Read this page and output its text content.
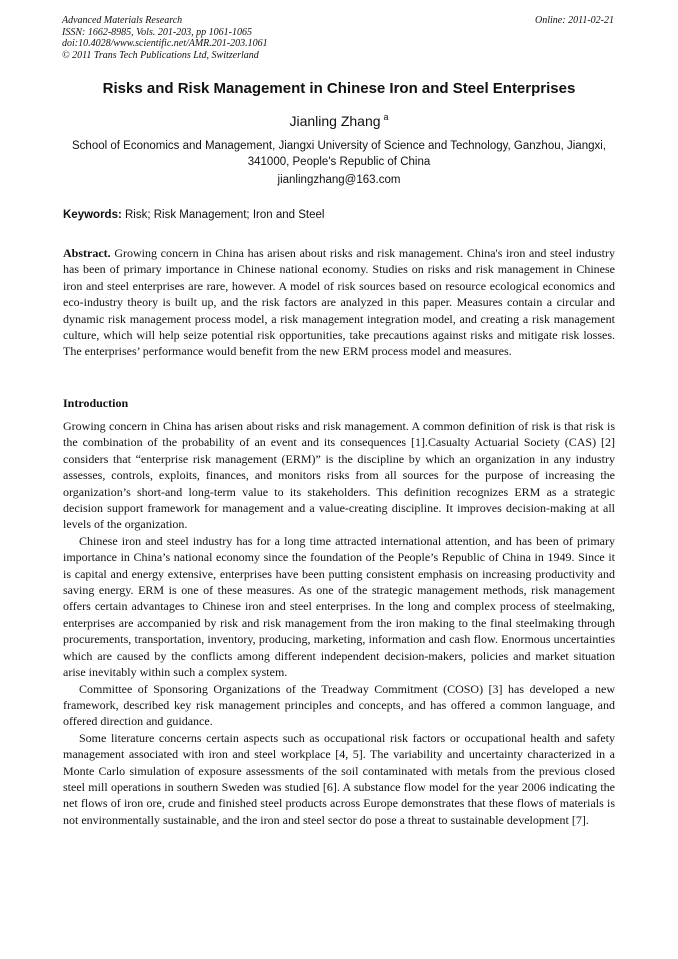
Advanced Materials Research
ISSN: 1662-8985, Vols. 201-203, pp 1061-1065
doi:10.4028/www.scientific.net/AMR.201-203.1061
© 2011 Trans Tech Publications Ltd, Switzerland
Online: 2011-02-21
Risks and Risk Management in Chinese Iron and Steel Enterprises
Jianling Zhang $^a$
School of Economics and Management, Jiangxi University of Science and Technology, Ganzhou, Jiangxi, 341000, People's Republic of China
jianlingzhang@163.com
Keywords: Risk; Risk Management; Iron and Steel
Abstract. Growing concern in China has arisen about risks and risk management. China's iron and steel industry has been of primary importance in Chinese national economy. Studies on risks and risk management in Chinese iron and steel enterprises are rare, however. A model of risk sources based on resource ecological economics and eco-industry theory is built up, and the risk factors are analyzed in this paper. Measures contain a circular and dynamic risk management process model, a risk management integration model, and creating a risk management culture, which will help seize potential risk opportunities, take precautions against risks and mitigate risk losses. The enterprises’ performance would benefit from the new ERM process model and measures.
Introduction

Growing concern in China has arisen about risks and risk management. A common definition of risk is that risk is the combination of the probability of an event and its consequences [1].Casualty Actuarial Society (CAS) [2] considers that “enterprise risk management (ERM)” is the discipline by which an organization in any industry assesses, controls, exploits, finances, and monitors risks from all sources for the purpose of increasing the organization’s short-and long-term value to its stakeholders. This definition recognizes ERM as a strategic decision support framework for management and a value-creating discipline. It improves decision-making at all levels of the organization.

Chinese iron and steel industry has for a long time attracted international attention, and has been of primary importance in China’s national economy since the foundation of the People’s Republic of China in 1949. Since it is capital and energy extensive, enterprises have been putting consistent emphasis on increasing productivity and saving energy. ERM is one of these measures. As one of the strategic management methods, risk management offers certain advantages to Chinese iron and steel enterprises. In the long and complex process of steelmaking, enterprises are accompanied by risk and risk management from the iron making to the final steelmaking through procurements, transportation, inventory, producing, marketing, information and cash flow. Enormous uncertainties which are caused by the conflicts among different independent decision-makers, policies and market situation arise inevitably within such a complex system.

Committee of Sponsoring Organizations of the Treadway Commitment (COSO) [3] has developed a new framework, described key risk management principles and concepts, and has offered a common language, and offered direction and guidance.

Some literature concerns certain aspects such as occupational risk factors or occupational health and safety management associated with iron and steel workplace [4, 5]. The variability and uncertainty characterized in a Monte Carlo simulation of exposure assessments of the soil contaminated with metals from the previous closed steel mill operations in southern Sweden was studied [6]. A substance flow model for the year 2006 indicating the net flows of iron ore, crude and finished steel products across Europe demonstrates that these flows of materials is not environmentally sustainable, and the iron and steel sector do pose a threat to sustainable development [7].
